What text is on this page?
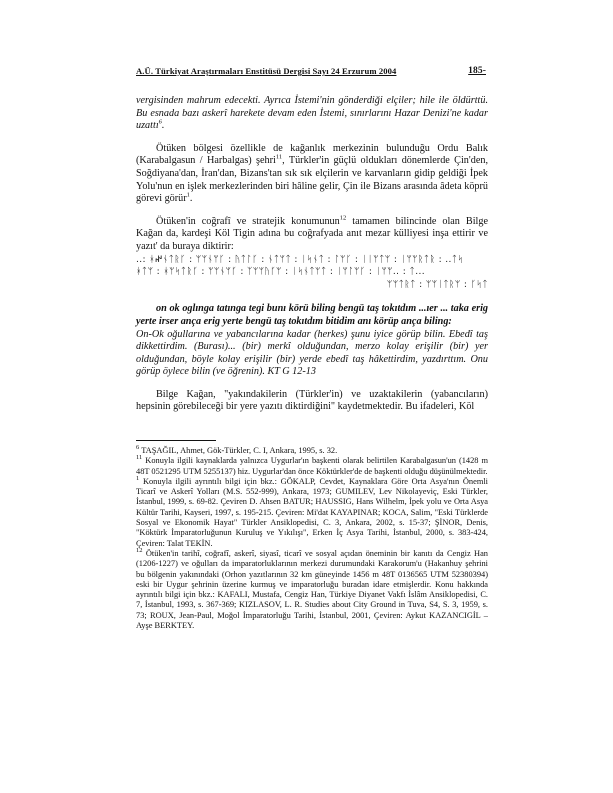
A.Ü. Türkiyat Araştırmaları Enstitüsü Dergisi Sayı 24 Erzurum 2004	185-

vergisinden mahrum edecekti. Ayrıca İstemi'nin gönderdiği elçiler; hile ile öldürttü. Bu esnada bazı askerî harekete devam eden İstemi, sınırlarını Hazar Denizi'ne kadar uzattı$^6$.

Ötüken bölgesi özellikle de kağanlık merkezinin bulunduğu Ordu Balık (Karabalgasun / Harbalgas) şehri$^{11}$, Türkler'in güçlü oldukları dönemlerde Çin'den, Soğdiyana'dan, İran'dan, Bizans'tan sık sık elçilerin ve karvanların gidip geldiği İpek Yolu'nun en işlek merkezlerinden biri hâline gelir, Çin ile Bizans arasında âdeta köprü görevi görür$^1$.

Ötüken'in coğrafî ve stratejik konumunun$^{12}$ tamamen bilincinde olan Bilge Kağan da, kardeşi Köl Tigin adına bu coğrafyada anıt mezar külliyesi inşa ettirir ve yazıt' da buraya diktirir:

..: ᚼ𐰤ᚾᛏᚱᚴ : ᛘᛘᚾᛘᚴ : ᚤᛏᛚᚴ : ᚾᛏᛘᛏ : ᛁᛋᚾᛏ : ᛚᛘᚴ : ᛁᛁᛘᛏᛘ : ᛁᛘᛘᚱᛏᚱ : ..ᛏᛋ
ᚼᛏᛘ : ᚼᛘᛋᛏᚱᚴ : ᛘᛘᚾᛘᚴ : ᛉᛘᛘᚤᚴᛘ : ᛁᛋᚾᛏᛘᛏ : ᛁᛘᛚᛘᚴ : ᛁᛘᛘ.. : ᛏ...
ᛘᛘᛏᚱᛏ : ᛘᛘᛁᛏᚱᛘ : ᚴᛋᛏ

on ok oglınga tatınga tegi bunı körü biling bengü taş tokıtdım ...ıer ... taka erig yerte irser ança erig yerte bengü taş tokıtdım bitidim anı körüp ança biling:

On-Ok oğullarına ve yabancılarına kadar (herkes) şunu iyice görüp bilin. Ebedî taş dikkettirdim. (Burası)... (bir) merkî olduğundan, merzo kolay erişilir (bir) yer olduğundan, böyle kolay erişilir (bir) yerde ebedî taş hâkettirdim, yazdırttım. Onu görüp öylece bilin (ve öğrenin). KT G 12-13

Bilge Kağan, "yakındakilerin (Türkler'in) ve uzaktakilerin (yabancıların) hepsinin görebileceği bir yere yazıtı diktirdiğini" kaydetmektedir. Bu ifadeleri, Köl

$^6$ TAŞAĞIL, Ahmet, Gök-Türkler, C. I, Ankara, 1995, s. 32.

$^{11}$ Konuyla ilgili kaynaklarda yalnızca Uygurlar'ın başkenti olarak belirtilen Karabalgasun'un (1428 m 48T 0521295 UTM 5255137) hiz. Uygurlar'dan önce Köktürkler'de de başkenti olduğu düşünülmektedir.

$^1$ Konuyla ilgili ayrıntılı bilgi için bkz.: GÖKALP, Cevdet, Kaynaklara Göre Orta Asya'nın Önemli Ticarî ve Askerî Yolları (M.S. 552-999), Ankara, 1973; GUMILEV, Lev Nikolayeviç, Eski Türkler, İstanbul, 1999, s. 69-82. Çeviren D. Ahsen BATUR; HAUSSIG, Hans Wilhelm, İpek yolu ve Orta Asya Kültür Tarihi, Kayseri, 1997, s. 195-215. Çeviren: Mi'dat KAYAPINAR; KOCA, Salim, "Eski Türklerde Sosyal ve Ekonomik Hayat" Türkler Ansiklopedisi, C. 3, Ankara, 2002, s. 15-37; ŞİNOR, Denis, "Köktürk İmparatorluğunun Kuruluş ve Yıkılışı", Erken İç Asya Tarihi, İstanbul, 2000, s. 383-424, Çeviren: Talat TEKİN.

$^{12}$ Ötüken'in tarihî, coğrafî, askerî, siyasî, ticarî ve sosyal açıdan öneminin bir kanıtı da Cengiz Han (1206-1227) ve oğulları da imparatorluklarının merkezi durumundaki Karakorum'u (Hakanhuy şehrini bu bölgenin yakınındaki (Orhon yazıtlarının 32 km güneyinde 1456 m 48T 0136565 UTM 52380394) eski bir Uygur şehrinin üzerine kurmuş ve imparatorluğu buradan idare etmişlerdir. Konu hakkında ayrıntılı bilgi için bkz.: KAFALI, Mustafa, Cengiz Han, Türkiye Diyanet Vakfı İslâm Ansiklopedisi, C. 7, İstanbul, 1993, s. 367-369; KIZLASOV, L. R. Studies about City Ground in Tuva, S4, S. 3, 1959, s. 73; ROUX, Jean-Paul, Moğol İmparatorluğu Tarihi, İstanbul, 2001, Çeviren: Aykut KAZANCIGİL – Ayşe BERKTEY.
